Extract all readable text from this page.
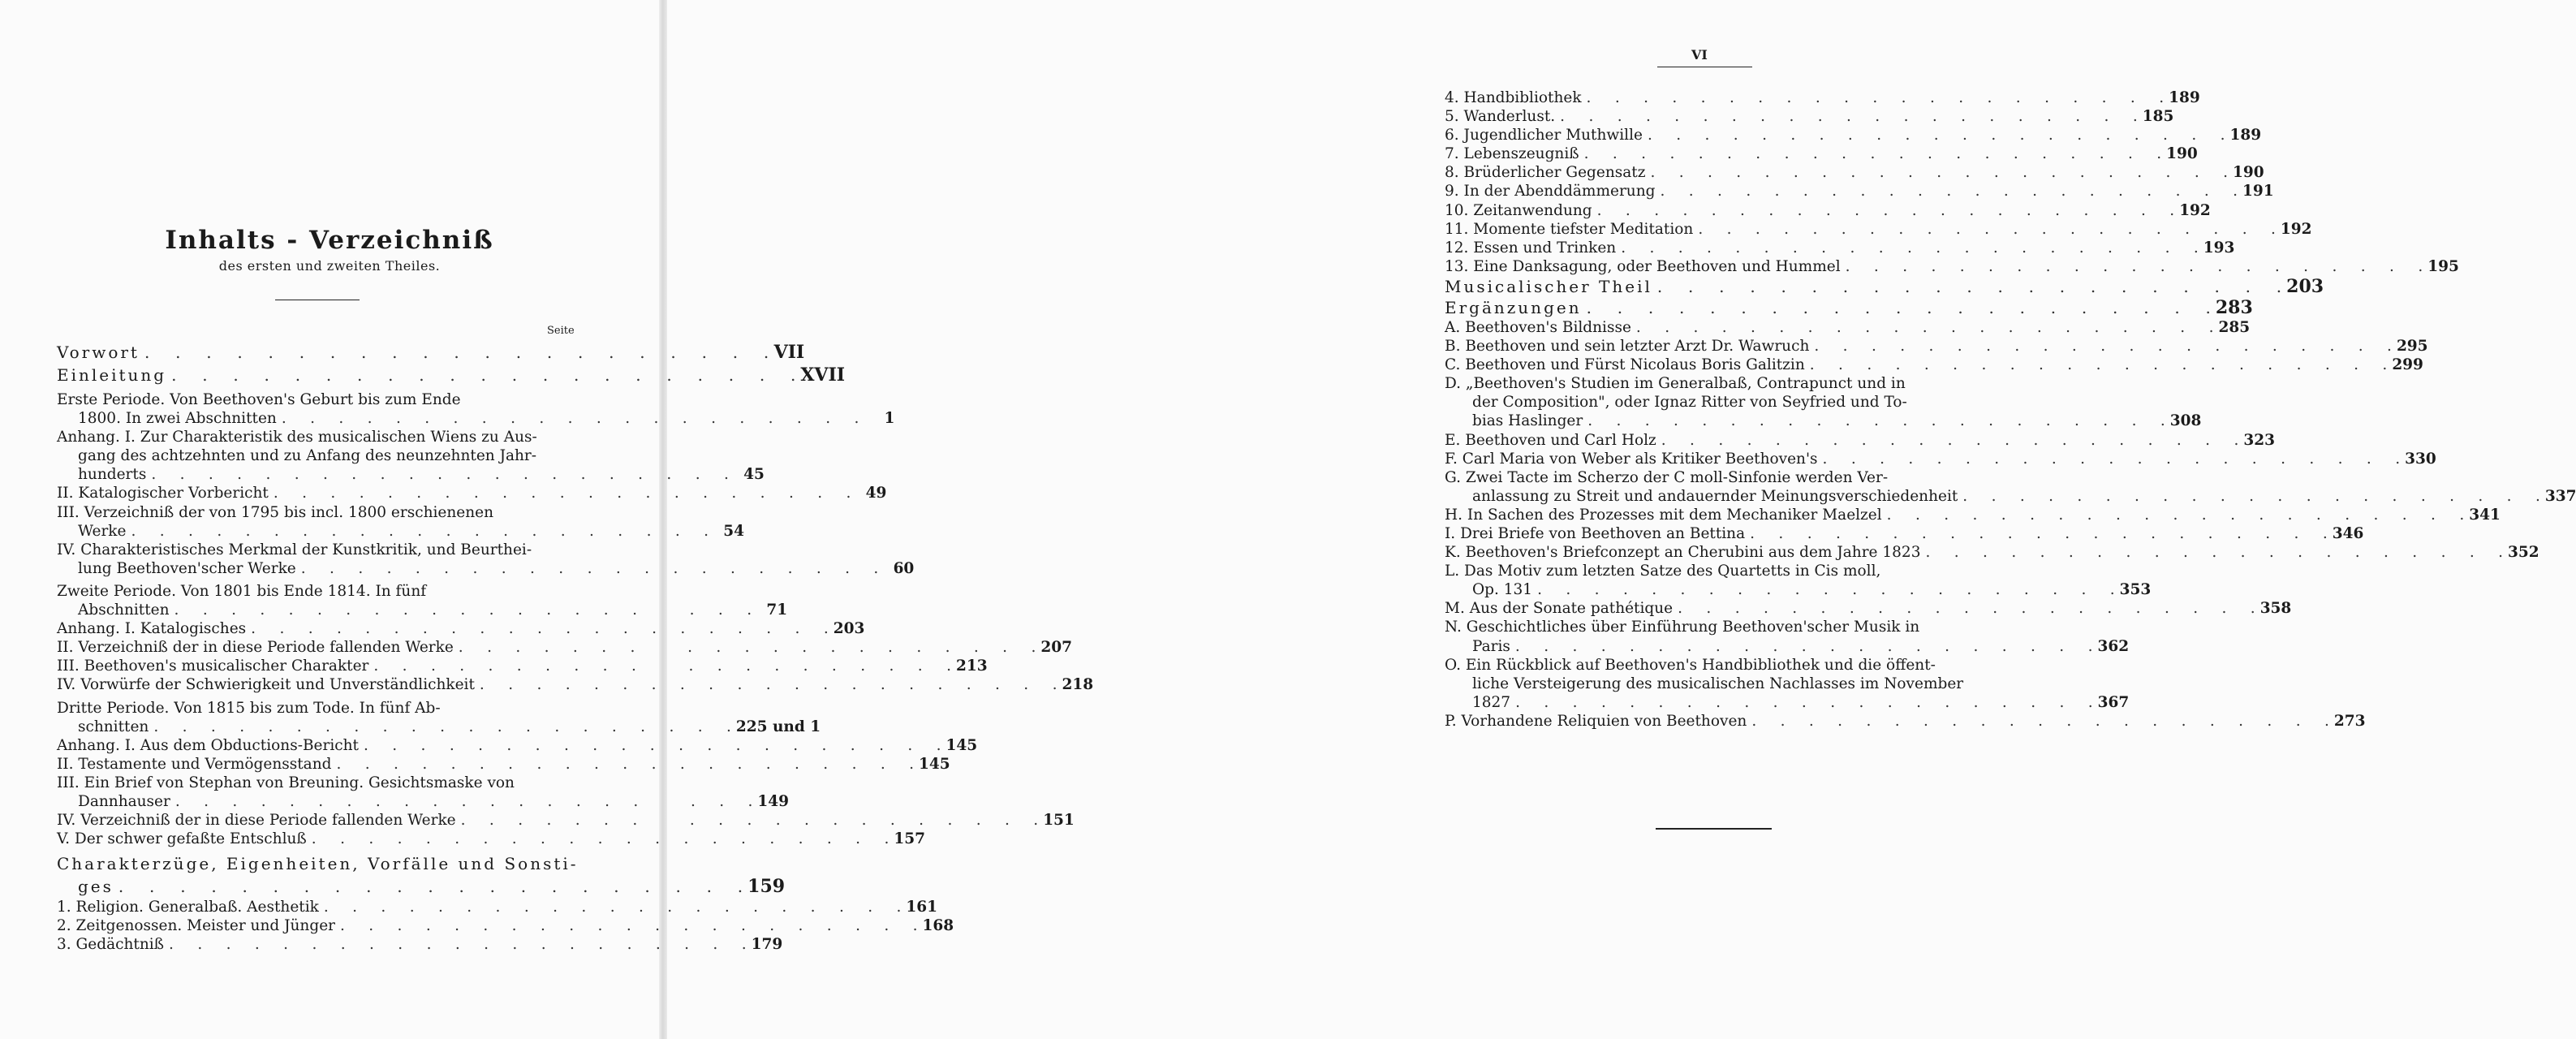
Inhalts - Verzeichniß
des ersten und zweiten Theiles.
Seite
Vorwort .	VII
Einleitung .	XVII
Erste Periode. Von Beethoven's Geburt bis zum Ende
1800. In zwei Abschnitten .	1
Anhang. I. Zur Charakteristik des musicalischen Wiens zu Aus-
gang des achtzehnten und zu Anfang des neunzehnten Jahr-
hunderts .	45
II. Katalogischer Vorbericht .	49
III. Verzeichniß der von 1795 bis incl. 1800 erschienenen
Werke .	54
IV. Charakteristisches Merkmal der Kunstkritik, und Beurthei-
lung Beethoven'scher Werke .	60
Zweite Periode. Von 1801 bis Ende 1814. In fünf
Abschnitten .	71
Anhang. I. Katalogisches .	203
II. Verzeichniß der in diese Periode fallenden Werke .	207
III. Beethoven's musicalischer Charakter .	213
IV. Vorwürfe der Schwierigkeit und Unverständlichkeit .	218
Dritte Periode. Von 1815 bis zum Tode. In fünf Ab-
schnitten .	225 und 1
Anhang. I. Aus dem Obductions-Bericht .	145
II. Testamente und Vermögensstand .	145
III. Ein Brief von Stephan von Breuning. Gesichtsmaske von
Dannhauser .	149
IV. Verzeichniß der in diese Periode fallenden Werke .	151
V. Der schwer gefaßte Entschluß .	157
Charakterzüge, Eigenheiten, Vorfälle und Sonsti-
ges .	159
1. Religion. Generalbaß. Aesthetik .	161
2. Zeitgenossen. Meister und Jünger .	168
3. Gedächtniß .	179
VI
4. Handbibliothek .	189
5. Wanderlust. .	185
6. Jugendlicher Muthwille .	189
7. Lebenszeugniß .	190
8. Brüderlicher Gegensatz .	190
9. In der Abenddämmerung .	191
10. Zeitanwendung .	192
11. Momente tiefster Meditation .	192
12. Essen und Trinken .	193
13. Eine Danksagung, oder Beethoven und Hummel .	195
Musicalischer Theil .	203
Ergänzungen .	283
A. Beethoven's Bildnisse .	285
B. Beethoven und sein letzter Arzt Dr. Wawruch .	295
C. Beethoven und Fürst Nicolaus Boris Galitzin .	299
D. „Beethoven's Studien im Generalbaß, Contrapunct und in
der Composition", oder Ignaz Ritter von Seyfried und To-
bias Haslinger .	308
E. Beethoven und Carl Holz .	323
F. Carl Maria von Weber als Kritiker Beethoven's .	330
G. Zwei Tacte im Scherzo der C moll-Sinfonie werden Ver-
anlassung zu Streit und andauernder Meinungsverschiedenheit .	337
H. In Sachen des Prozesses mit dem Mechaniker Maelzel .	341
I. Drei Briefe von Beethoven an Bettina .	346
K. Beethoven's Briefconzept an Cherubini aus dem Jahre 1823 .	352
L. Das Motiv zum letzten Satze des Quartetts in Cis moll,
Op. 131 .	353
M. Aus der Sonate pathétique .	358
N. Geschichtliches über Einführung Beethoven'scher Musik in
Paris .	362
O. Ein Rückblick auf Beethoven's Handbibliothek und die öffent-
liche Versteigerung des musicalischen Nachlasses im November
1827 .	367
P. Vorhandene Reliquien von Beethoven .	273
